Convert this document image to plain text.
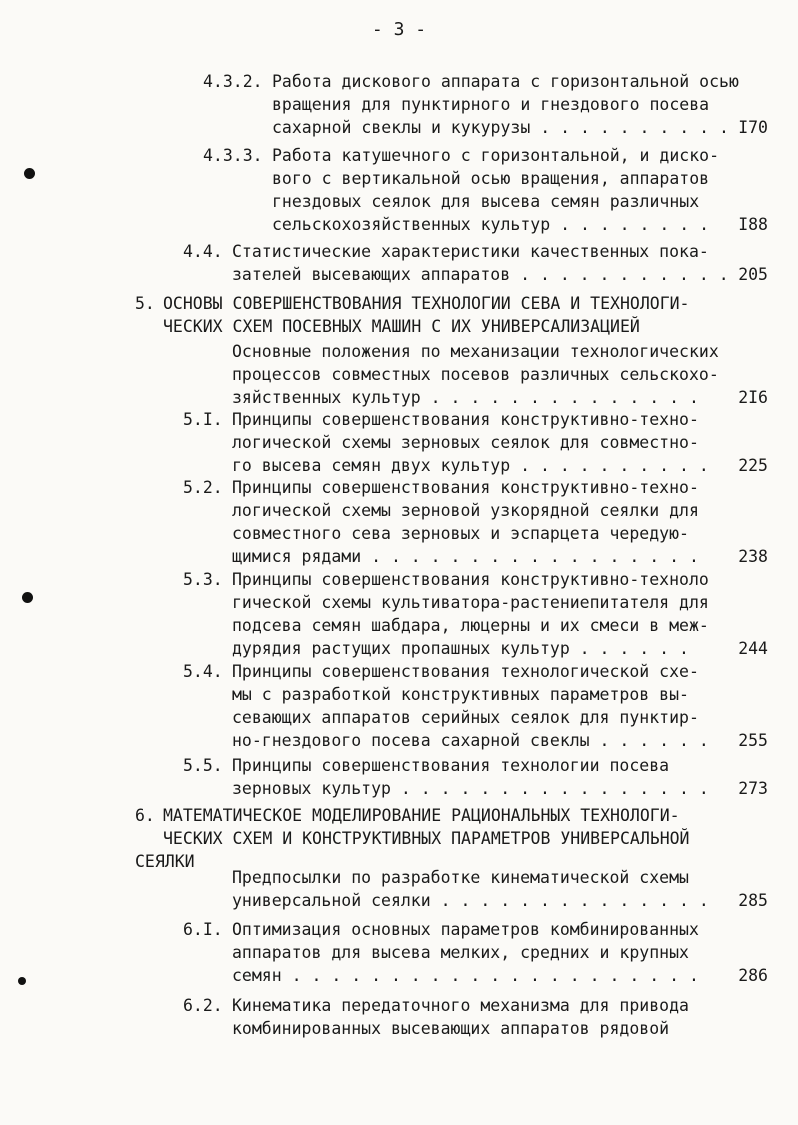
- 3 -
4.3.2. Работа дискового аппарата с горизонтальной осью
вращения для пунктирного и гнездового посева
сахарной свеклы и кукурузы . . . . . . . . . . I70
4.3.3. Работа катушечного с горизонтальной, и диско-
вого с вертикальной осью вращения, аппаратов
гнездовых сеялок для высева семян различных
сельскохозяйственных культур . . . . . . . .	I88
4.4. Статистические характеристики качественных пока-
зателей высевающих аппаратов . . . . . . . . . . . 205
5. ОСНОВЫ СОВЕРШЕНСТВОВАНИЯ ТЕХНОЛОГИИ СЕВА И ТЕХНОЛОГИ-
ЧЕСКИХ СХЕМ ПОСЕВНЫХ МАШИН С ИХ УНИВЕРСАЛИЗАЦИЕЙ
Основные положения по механизации технологических
процессов совместных посевов различных сельскохо-
зяйственных культур . . . . . . . . . . . . . .	2I6
5.I. Принципы совершенствования конструктивно-техно-
логической схемы зерновых сеялок для совместно-
го высева семян двух культур . . . . . . . . . .	225
5.2. Принципы совершенствования конструктивно-техно-
логической схемы зерновой узкорядной сеялки для
совместного сева зерновых и эспарцета чередую-
щимися рядами . . . . . . . . . . . . . . . . .	238
5.3. Принципы совершенствования конструктивно-техноло
гической схемы культиватора-растениепитателя для
подсева семян шабдара, люцерны и их смеси в меж-
дурядия растущих пропашных культур . . . . . .	244
5.4. Принципы совершенствования технологической схе-
мы с разработкой конструктивных параметров вы-
севающих аппаратов серийных сеялок для пунктир-
но-гнездового посева сахарной свеклы . . . . . .	255
5.5. Принципы совершенствования технологии посева
зерновых культур . . . . . . . . . . . . . . . .	273
6. МАТЕМАТИЧЕСКОЕ МОДЕЛИРОВАНИЕ РАЦИОНАЛЬНЫХ ТЕХНОЛОГИ-
ЧЕСКИХ СХЕМ И КОНСТРУКТИВНЫХ ПАРАМЕТРОВ УНИВЕРСАЛЬНОЙ
СЕЯЛКИ
Предпосылки по разработке кинематической схемы
универсальной сеялки . . . . . . . . . . . . . .	285
6.I. Оптимизация основных параметров комбинированных
аппаратов для высева мелких, средних и крупных
семян . . . . . . . . . . . . . . . . . . . . .	286
6.2. Кинематика передаточного механизма для привода
комбинированных высевающих аппаратов рядовой
